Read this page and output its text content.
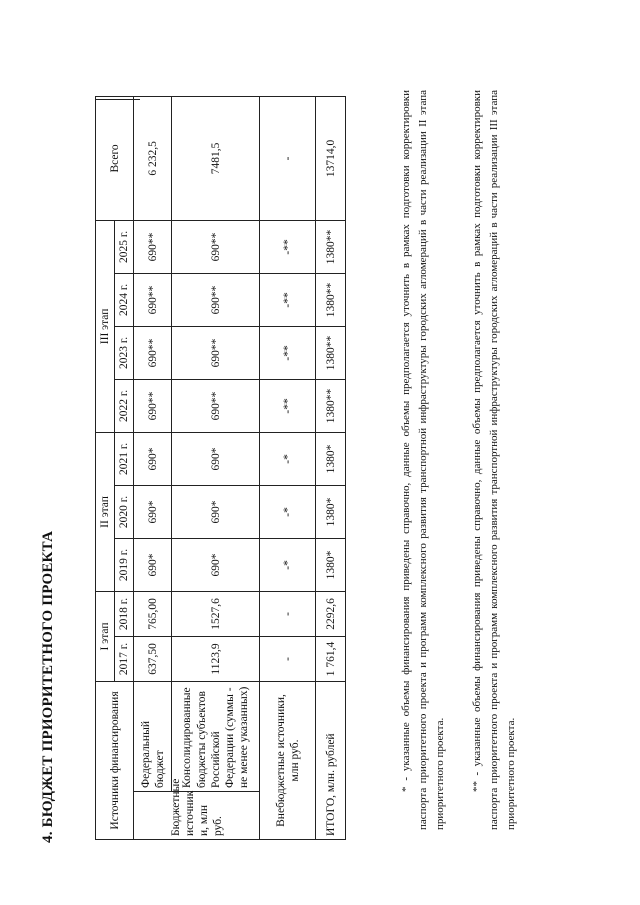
4. БЮДЖЕТ ПРИОРИТЕТНОГО ПРОЕКТА	Источники финансирования		I этап		II этап			III этап				Всего
		2017 г.	2018 г.	2019 г.	2020 г.	2021 г.	2022 г.	2023 г.	2024 г.	2025 г.	
Бюджетные источник и, млн руб.	Федеральный бюджет	637,50	765,00	690*	690*	690*	690**	690**	690**	690**	6 232,5
	Консолидированные бюджеты субъектов Российской Федерации (суммы - не менее указанных)	1123,9	1527,6	690*	690*	690*	690**	690**	690**	690**	7481,5
Внебюджетные источники, млн руб.		-	-	-*	-*	-*	-**	-**	-**	-**	-
ИТОГО, млн. рублей		1 761,4	2292,6	1380*	1380*	1380*	1380**	1380**	1380**	1380**	13714,0	* - указанные объемы финансирования приведены справочно, данные объемы предполагается уточнить в рамках подготовки корректировки паспорта приоритетного проекта и программ комплексного развития транспортной инфраструктуры городских агломераций в части реализации II этапа приоритетного проекта. ** - указанные объемы финансирования приведены справочно, данные объемы предполагается уточнить в рамках подготовки корректировки паспорта приоритетного проекта и программ комплексного развития транспортной инфраструктуры городских агломераций в части реализации III этапа приоритетного проекта.
